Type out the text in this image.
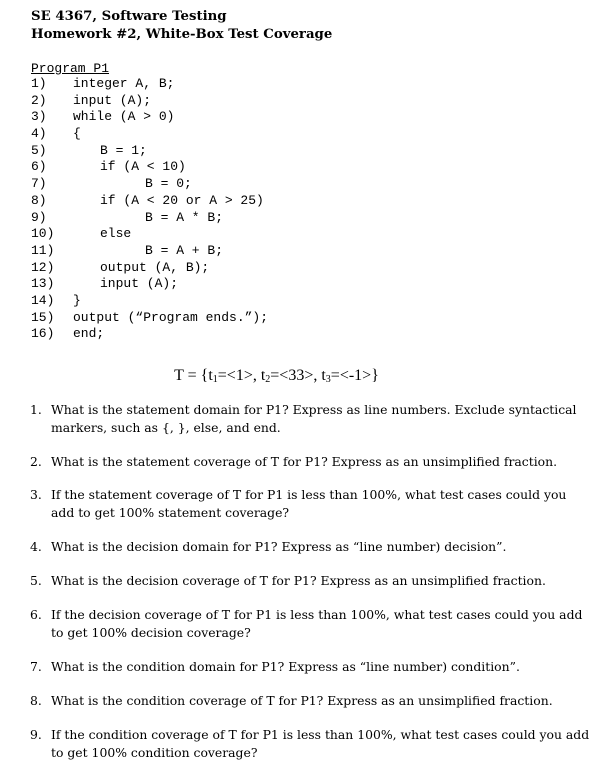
SE 4367, Software Testing
Homework #2, White-Box Test Coverage
Program P1
1) integer A, B;
2) input (A);
3) while (A > 0)
4) {
5)	B = 1;
6)	if (A < 10)
7)	B = 0;
8)	if (A < 20 or A > 25)
9)	B = A * B;
10)	else
11)	B = A + B;
12)	output (A, B);
13)	input (A);
14) }
15) output (“Program ends.”);
16) end;
$T = \{t_1=<1>$, $t_2=<33>$, $t_3=<-1>$}
1. What is the statement domain for P1? Express as line numbers. Exclude syntactical markers, such as {, }, else, and end.
2. What is the statement coverage of T for P1? Express as an unsimplified fraction.
3. If the statement coverage of T for P1 is less than 100%, what test cases could you add to get 100% statement coverage?
4. What is the decision domain for P1? Express as “line number) decision”.
5. What is the decision coverage of T for P1? Express as an unsimplified fraction.
6. If the decision coverage of T for P1 is less than 100%, what test cases could you add to get 100% decision coverage?
7. What is the condition domain for P1? Express as “line number) condition”.
8. What is the condition coverage of T for P1? Express as an unsimplified fraction.
9. If the condition coverage of T for P1 is less than 100%, what test cases could you add to get 100% condition coverage?
